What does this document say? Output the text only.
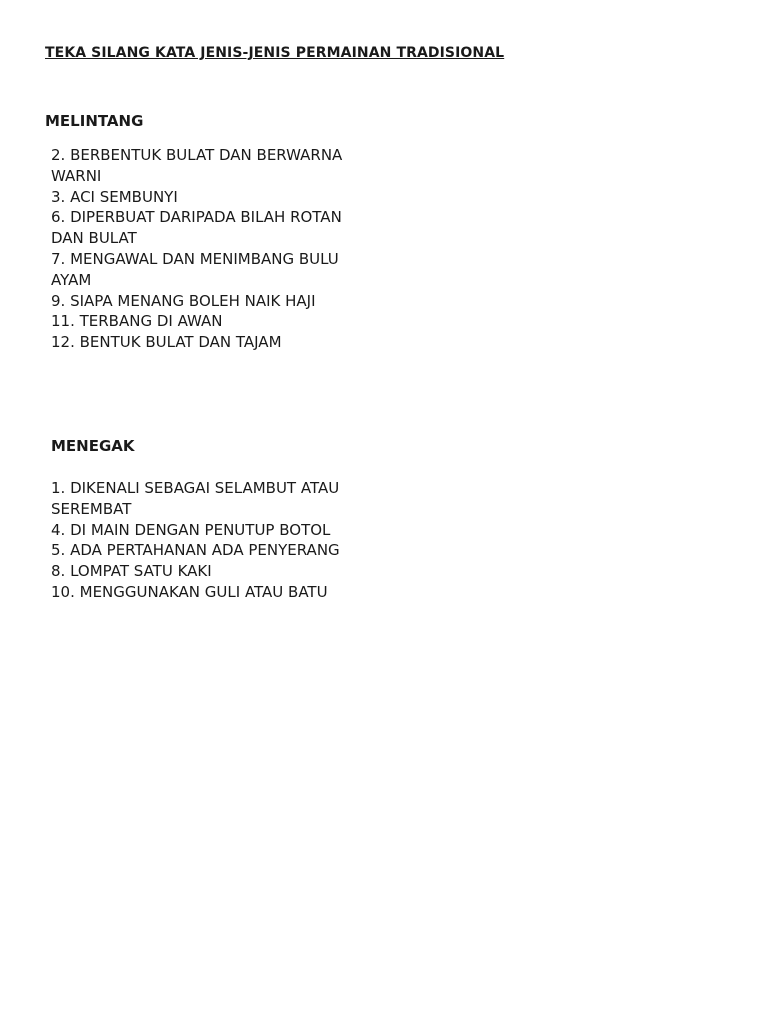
TEKA SILANG KATA JENIS-JENIS PERMAINAN TRADISIONAL
MELINTANG
2. BERBENTUK BULAT DAN BERWARNA WARNI
3. ACI SEMBUNYI
6. DIPERBUAT DARIPADA BILAH ROTAN DAN BULAT
7. MENGAWAL DAN MENIMBANG BULU AYAM
9. SIAPA MENANG BOLEH NAIK HAJI
11. TERBANG DI AWAN
12. BENTUK BULAT DAN TAJAM
MENEGAK
1. DIKENALI SEBAGAI SELAMBUT ATAU SEREMBAT
4. DI MAIN DENGAN PENUTUP BOTOL
5. ADA PERTAHANAN ADA PENYERANG
8. LOMPAT SATU KAKI
10. MENGGUNAKAN GULI ATAU BATU
